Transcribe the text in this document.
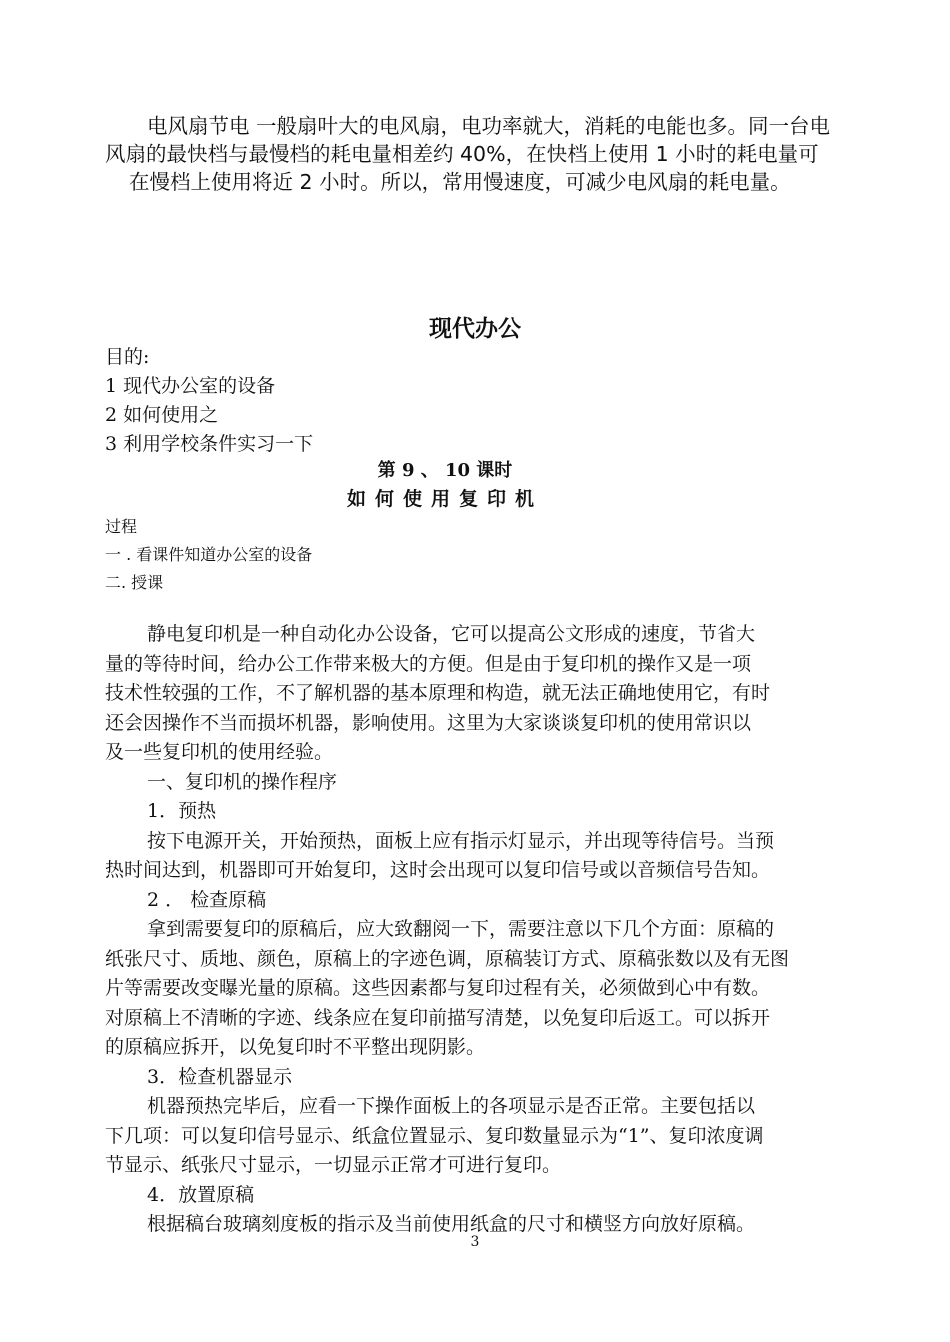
电风扇节电 一般扇叶大的电风扇，电功率就大，消耗的电能也多。同一台电
风扇的最快档与最慢档的耗电量相差约 40%，在快档上使用 1 小时的耗电量可
在慢档上使用将近 2 小时。所以，常用慢速度，可减少电风扇的耗电量。
现代办公
目的:
1 现代办公室的设备
2 如何使用之
3 利用学校条件实习一下
第 9 、 10 课时
如何使用复印机
过程
一 . 看课件知道办公室的设备
二. 授课
静电复印机是一种自动化办公设备，它可以提高公文形成的速度，节省大
量的等待时间，给办公工作带来极大的方便。但是由于复印机的操作又是一项
技术性较强的工作，不了解机器的基本原理和构造，就无法正确地使用它，有时
还会因操作不当而损坏机器，影响使用。这里为大家谈谈复印机的使用常识以
及一些复印机的使用经验。
一、复印机的操作程序
1．预热
按下电源开关，开始预热，面板上应有指示灯显示，并出现等待信号。当预
热时间达到，机器即可开始复印，这时会出现可以复印信号或以音频信号告知。
2 ． 检查原稿
拿到需要复印的原稿后，应大致翻阅一下，需要注意以下几个方面：原稿的
纸张尺寸、质地、颜色，原稿上的字迹色调，原稿装订方式、原稿张数以及有无图
片等需要改变曝光量的原稿。这些因素都与复印过程有关，必须做到心中有数。
对原稿上不清晰的字迹、线条应在复印前描写清楚，以免复印后返工。可以拆开
的原稿应拆开，以免复印时不平整出现阴影。
3．检查机器显示
机器预热完毕后，应看一下操作面板上的各项显示是否正常。主要包括以
下几项：可以复印信号显示、纸盒位置显示、复印数量显示为“1”、复印浓度调
节显示、纸张尺寸显示，一切显示正常才可进行复印。
4．放置原稿
根据稿台玻璃刻度板的指示及当前使用纸盒的尺寸和横竖方向放好原稿。
3
